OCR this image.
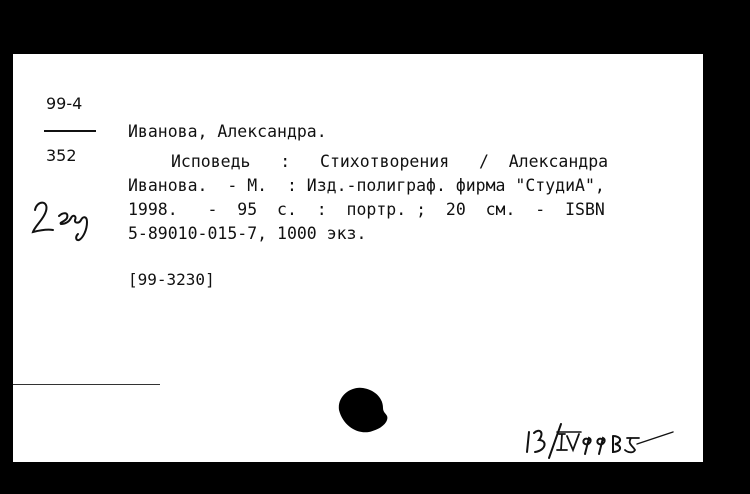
99-4
352
Иванова, Александра.
Исповедь   :   Стихотворения   /  Александра
Иванова.  - М.  : Изд.-полиграф. фирма "СтудиА",
1998.   -  95  с.  :  портр. ;  20  см.  -  ISBN
5-89010-015-7, 1000 экз.
[99-3230]
